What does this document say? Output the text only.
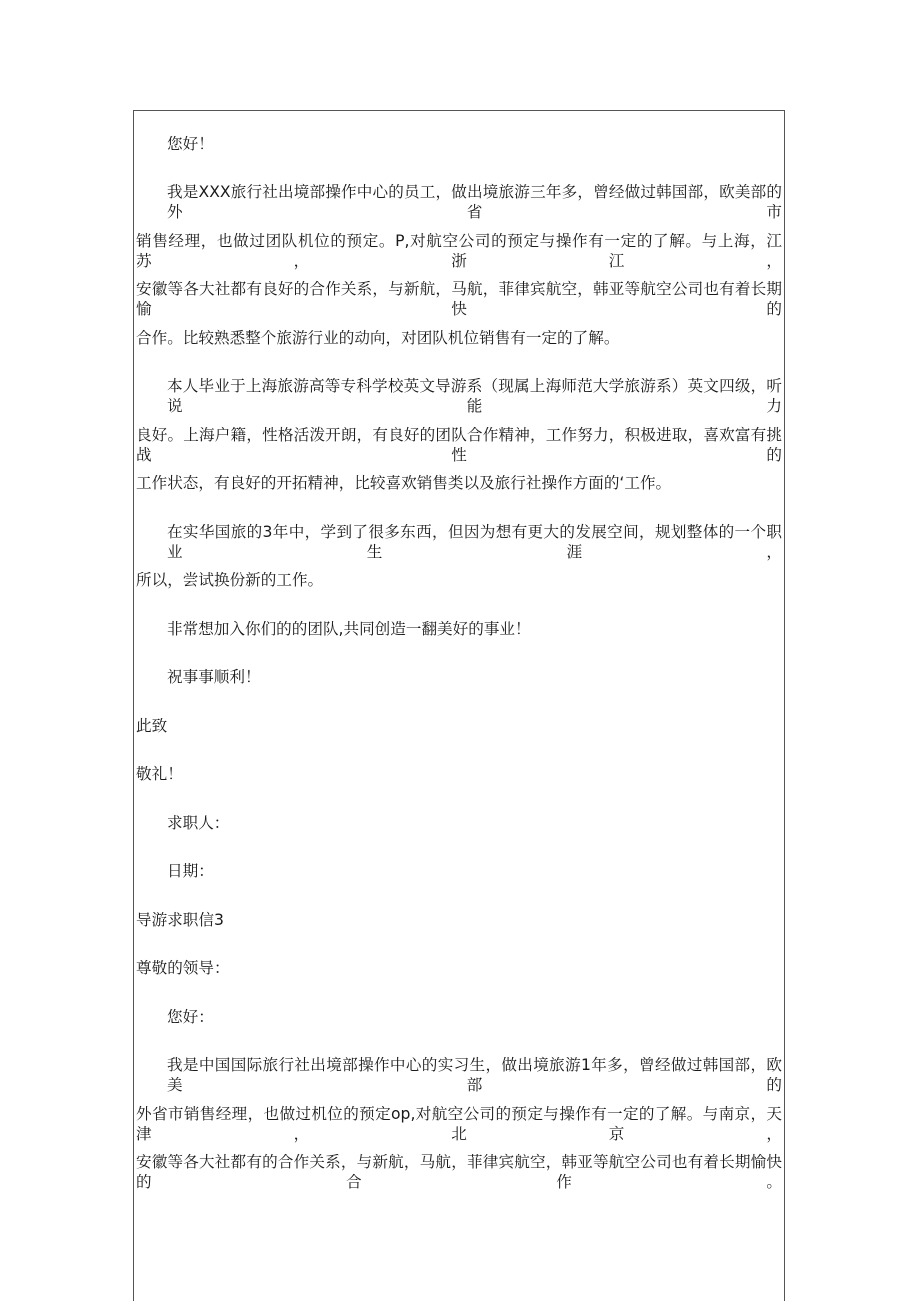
您好！
我是XXX旅行社出境部操作中心的员工，做出境旅游三年多，曾经做过韩国部，欧美部的外省市
销售经理，也做过团队机位的预定。P,对航空公司的预定与操作有一定的了解。与上海，江苏，浙江，
安徽等各大社都有良好的合作关系，与新航，马航，菲律宾航空，韩亚等航空公司也有着长期愉快的
合作。比较熟悉整个旅游行业的动向，对团队机位销售有一定的了解。
本人毕业于上海旅游高等专科学校英文导游系（现属上海师范大学旅游系）英文四级，听说能力
良好。上海户籍，性格活泼开朗，有良好的团队合作精神，工作努力，积极进取，喜欢富有挑战性的
工作状态，有良好的开拓精神，比较喜欢销售类以及旅行社操作方面的‘工作。
在实华国旅的3年中，学到了很多东西，但因为想有更大的发展空间，规划整体的一个职业生涯，
所以，尝试换份新的工作。
非常想加入你们的的团队,共同创造一翻美好的事业！
祝事事顺利！
此致
敬礼！
求职人：
日期：
导游求职信3
尊敬的领导：
您好：
我是中国国际旅行社出境部操作中心的实习生，做出境旅游1年多，曾经做过韩国部，欧美部的
外省市销售经理，也做过机位的预定op,对航空公司的预定与操作有一定的了解。与南京，天津，北京，
安徽等各大社都有的合作关系，与新航，马航，菲律宾航空，韩亚等航空公司也有着长期愉快的合作。
